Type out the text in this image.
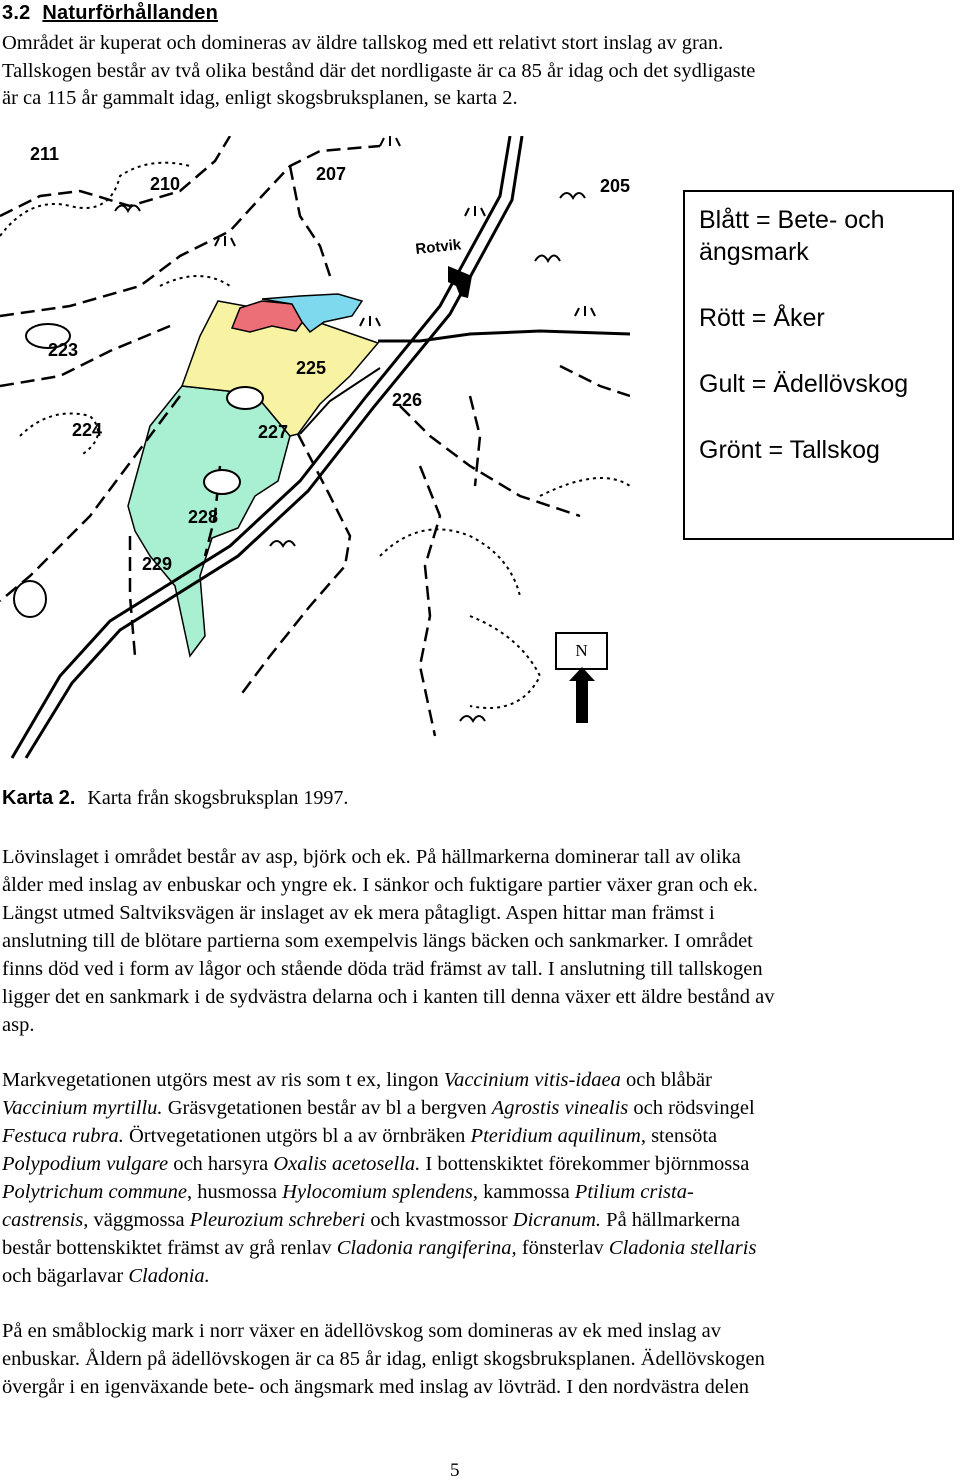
3.2 Naturförhållanden
Området är kuperat och domineras av äldre tallskog med ett relativt stort inslag av gran.
Tallskogen består av två olika bestånd där det nordligaste är ca 85 år idag och det sydligaste
är ca 115 år gammalt idag, enligt skogsbruksplanen, se karta 2.
211
210	207
205
223
224
225
226
227
228
229
Rotvik
Blått = Bete- och
ängsmark
Rött = Åker
Gult = Ädellövskog
Grönt = Tallskog
N
Karta 2. Karta från skogsbruksplan 1997.
Lövinslaget i området består av asp, björk och ek. På hällmarkerna dominerar tall av olika
ålder med inslag av enbuskar och yngre ek. I sänkor och fuktigare partier växer gran och ek.
Längst utmed Saltviksvägen är inslaget av ek mera påtagligt. Aspen hittar man främst i
anslutning till de blötare partierna som exempelvis längs bäcken och sankmarker. I området
finns död ved i form av lågor och stående döda träd främst av tall. I anslutning till tallskogen
ligger det en sankmark i de sydvästra delarna och i kanten till denna växer ett äldre bestånd av
asp.
Markvegetationen utgörs mest av ris som t ex, lingon Vaccinium vitis-idaea och blåbär
Vaccinium myrtillu. Gräsvgetationen består av bl a bergven Agrostis vinealis och rödsvingel
Festuca rubra. Örtvegetationen utgörs bl a av örnbräken Pteridium aquilinum, stensöta
Polypodium vulgare och harsyra Oxalis acetosella. I bottenskiktet förekommer björnmossa
Polytrichum commune, husmossa Hylocomium splendens, kammossa Ptilium crista-
castrensis, väggmossa Pleurozium schreberi och kvastmossor Dicranum. På hällmarkerna
består bottenskiktet främst av grå renlav Cladonia rangiferina, fönsterlav Cladonia stellaris
och bägarlavar Cladonia.
På en småblockig mark i norr växer en ädellövskog som domineras av ek med inslag av
enbuskar. Åldern på ädellövskogen är ca 85 år idag, enligt skogsbruksplanen. Ädellövskogen
övergår i en igenväxande bete- och ängsmark med inslag av lövträd. I den nordvästra delen
5
